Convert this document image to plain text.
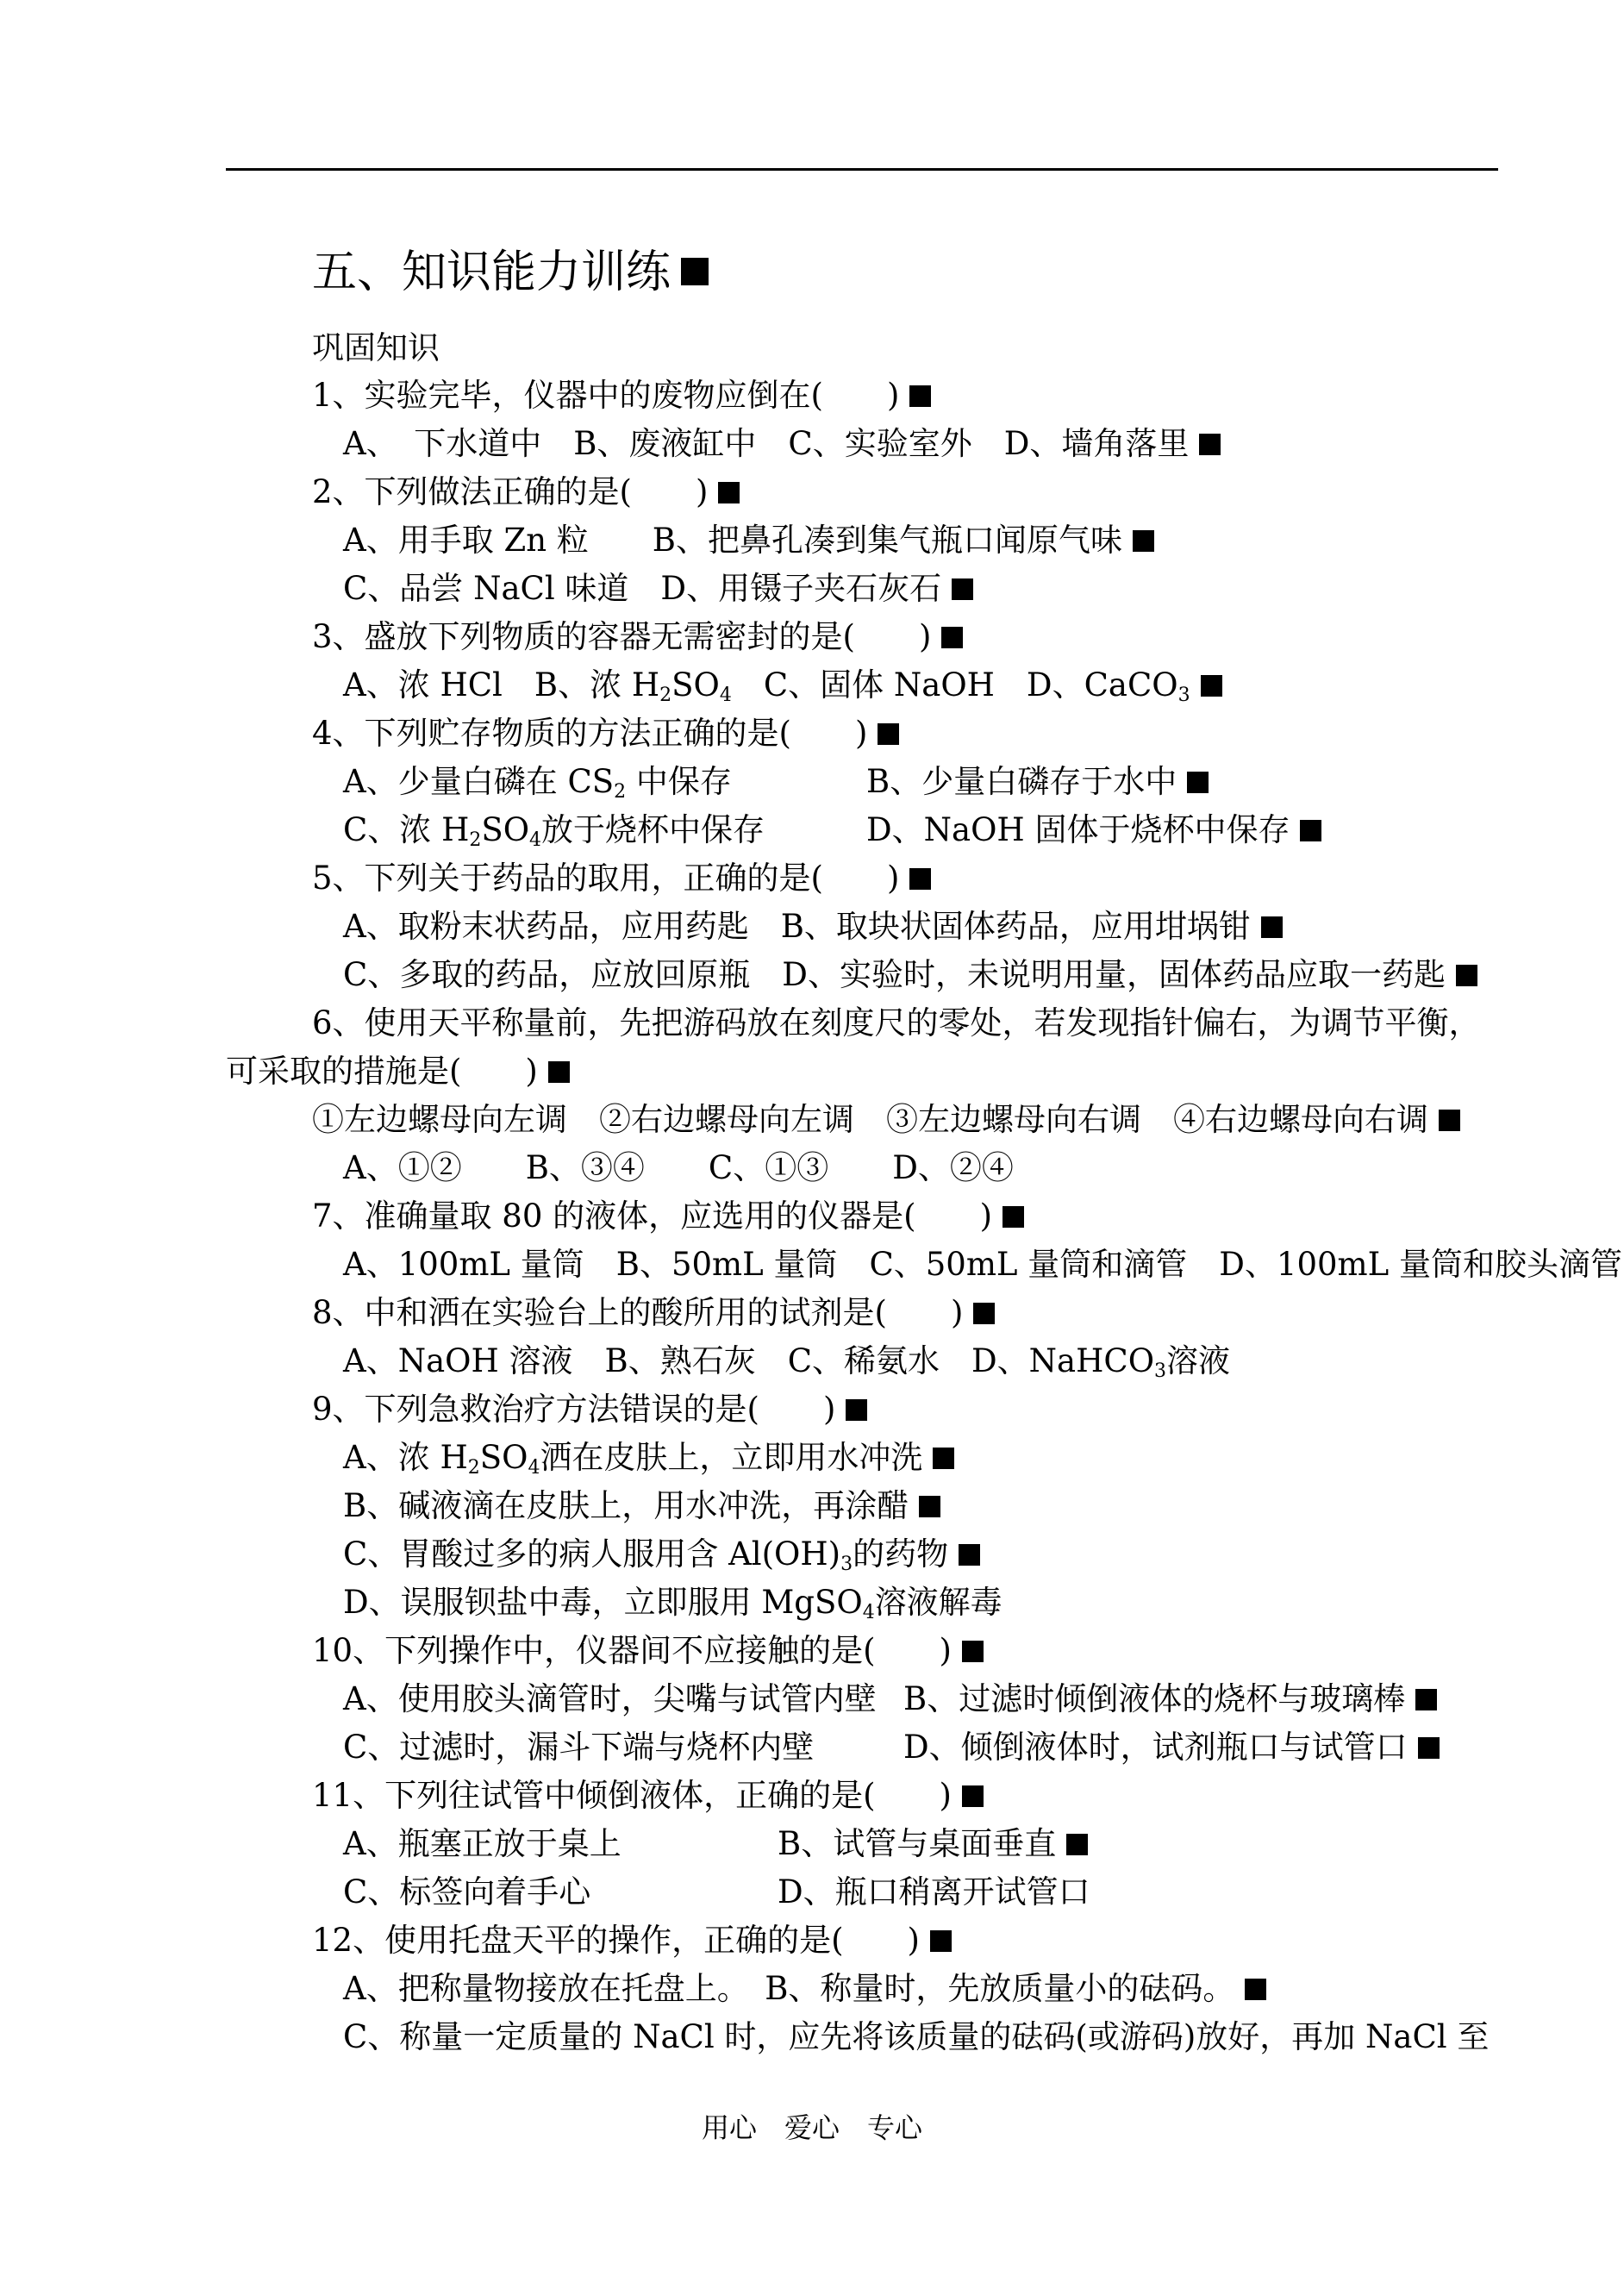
五、知识能力训练
巩固知识
1、实验完毕，仪器中的废物应倒在(　　)
A、　下水道中　B、废液缸中　C、实验室外　D、墙角落里
2、下列做法正确的是(　　)
A、用手取 Zn 粒　　B、把鼻孔凑到集气瓶口闻原气味
C、品尝 NaCl 味道　D、用镊子夹石灰石
3、盛放下列物质的容器无需密封的是(　　)
A、浓 HCl　 B、浓 $H_2SO_4$　 C、固体 NaOH　 D、CaCO$_3$
4、下列贮存物质的方法正确的是(　　)
A、少量白磷在 $CS_2$ 中保存	B、少量白磷存于水中
C、浓 $H_2SO_4$放于烧杯中保存	D、NaOH 固体于烧杯中保存
5、下列关于药品的取用，正确的是(　　)
A、取粉末状药品，应用药匙　B、取块状固体药品，应用坩埚钳
C、多取的药品，应放回原瓶　D、实验时，未说明用量，固体药品应取一药匙
6、使用天平称量前，先把游码放在刻度尺的零处，若发现指针偏右，为调节平衡，
可采取的措施是(　　)
①左边螺母向左调　②右边螺母向左调　③左边螺母向右调　④右边螺母向右调
A、①②　　B、③④　　C、①③　　D、②④
7、准确量取 80 的液体，应选用的仪器是(　　)
A、100mL 量筒　B、50mL 量筒　C、50mL 量筒和滴管　D、100mL 量筒和胶头滴管
8、中和洒在实验台上的酸所用的试剂是(　　)
A、NaOH 溶液　B、熟石灰　C、稀氨水　D、NaHCO$_3$溶液
9、下列急救治疗方法错误的是(　　)
A、浓 $H_2SO_4$洒在皮肤上，立即用水冲洗
B、碱液滴在皮肤上，用水冲洗，再涂醋
C、胃酸过多的病人服用含 $Al(OH)_3$的药物
D、误服钡盐中毒，立即服用 MgSO$_4$溶液解毒
10、下列操作中，仪器间不应接触的是(　　)
A、使用胶头滴管时，尖嘴与试管内壁 B、过滤时倾倒液体的烧杯与玻璃棒
C、过滤时，漏斗下端与烧杯内壁	D、倾倒液体时，试剂瓶口与试管口
11、下列往试管中倾倒液体，正确的是(　　)
A、瓶塞正放于桌上	B、试管与桌面垂直
C、标签向着手心	D、瓶口稍离开试管口
12、使用托盘天平的操作，正确的是(　　)
A、把称量物接放在托盘上。　B、称量时，先放质量小的砝码。
C、称量一定质量的 NaCl 时，应先将该质量的砝码(或游码)放好，再加 NaCl 至
用心　爱心　专心
